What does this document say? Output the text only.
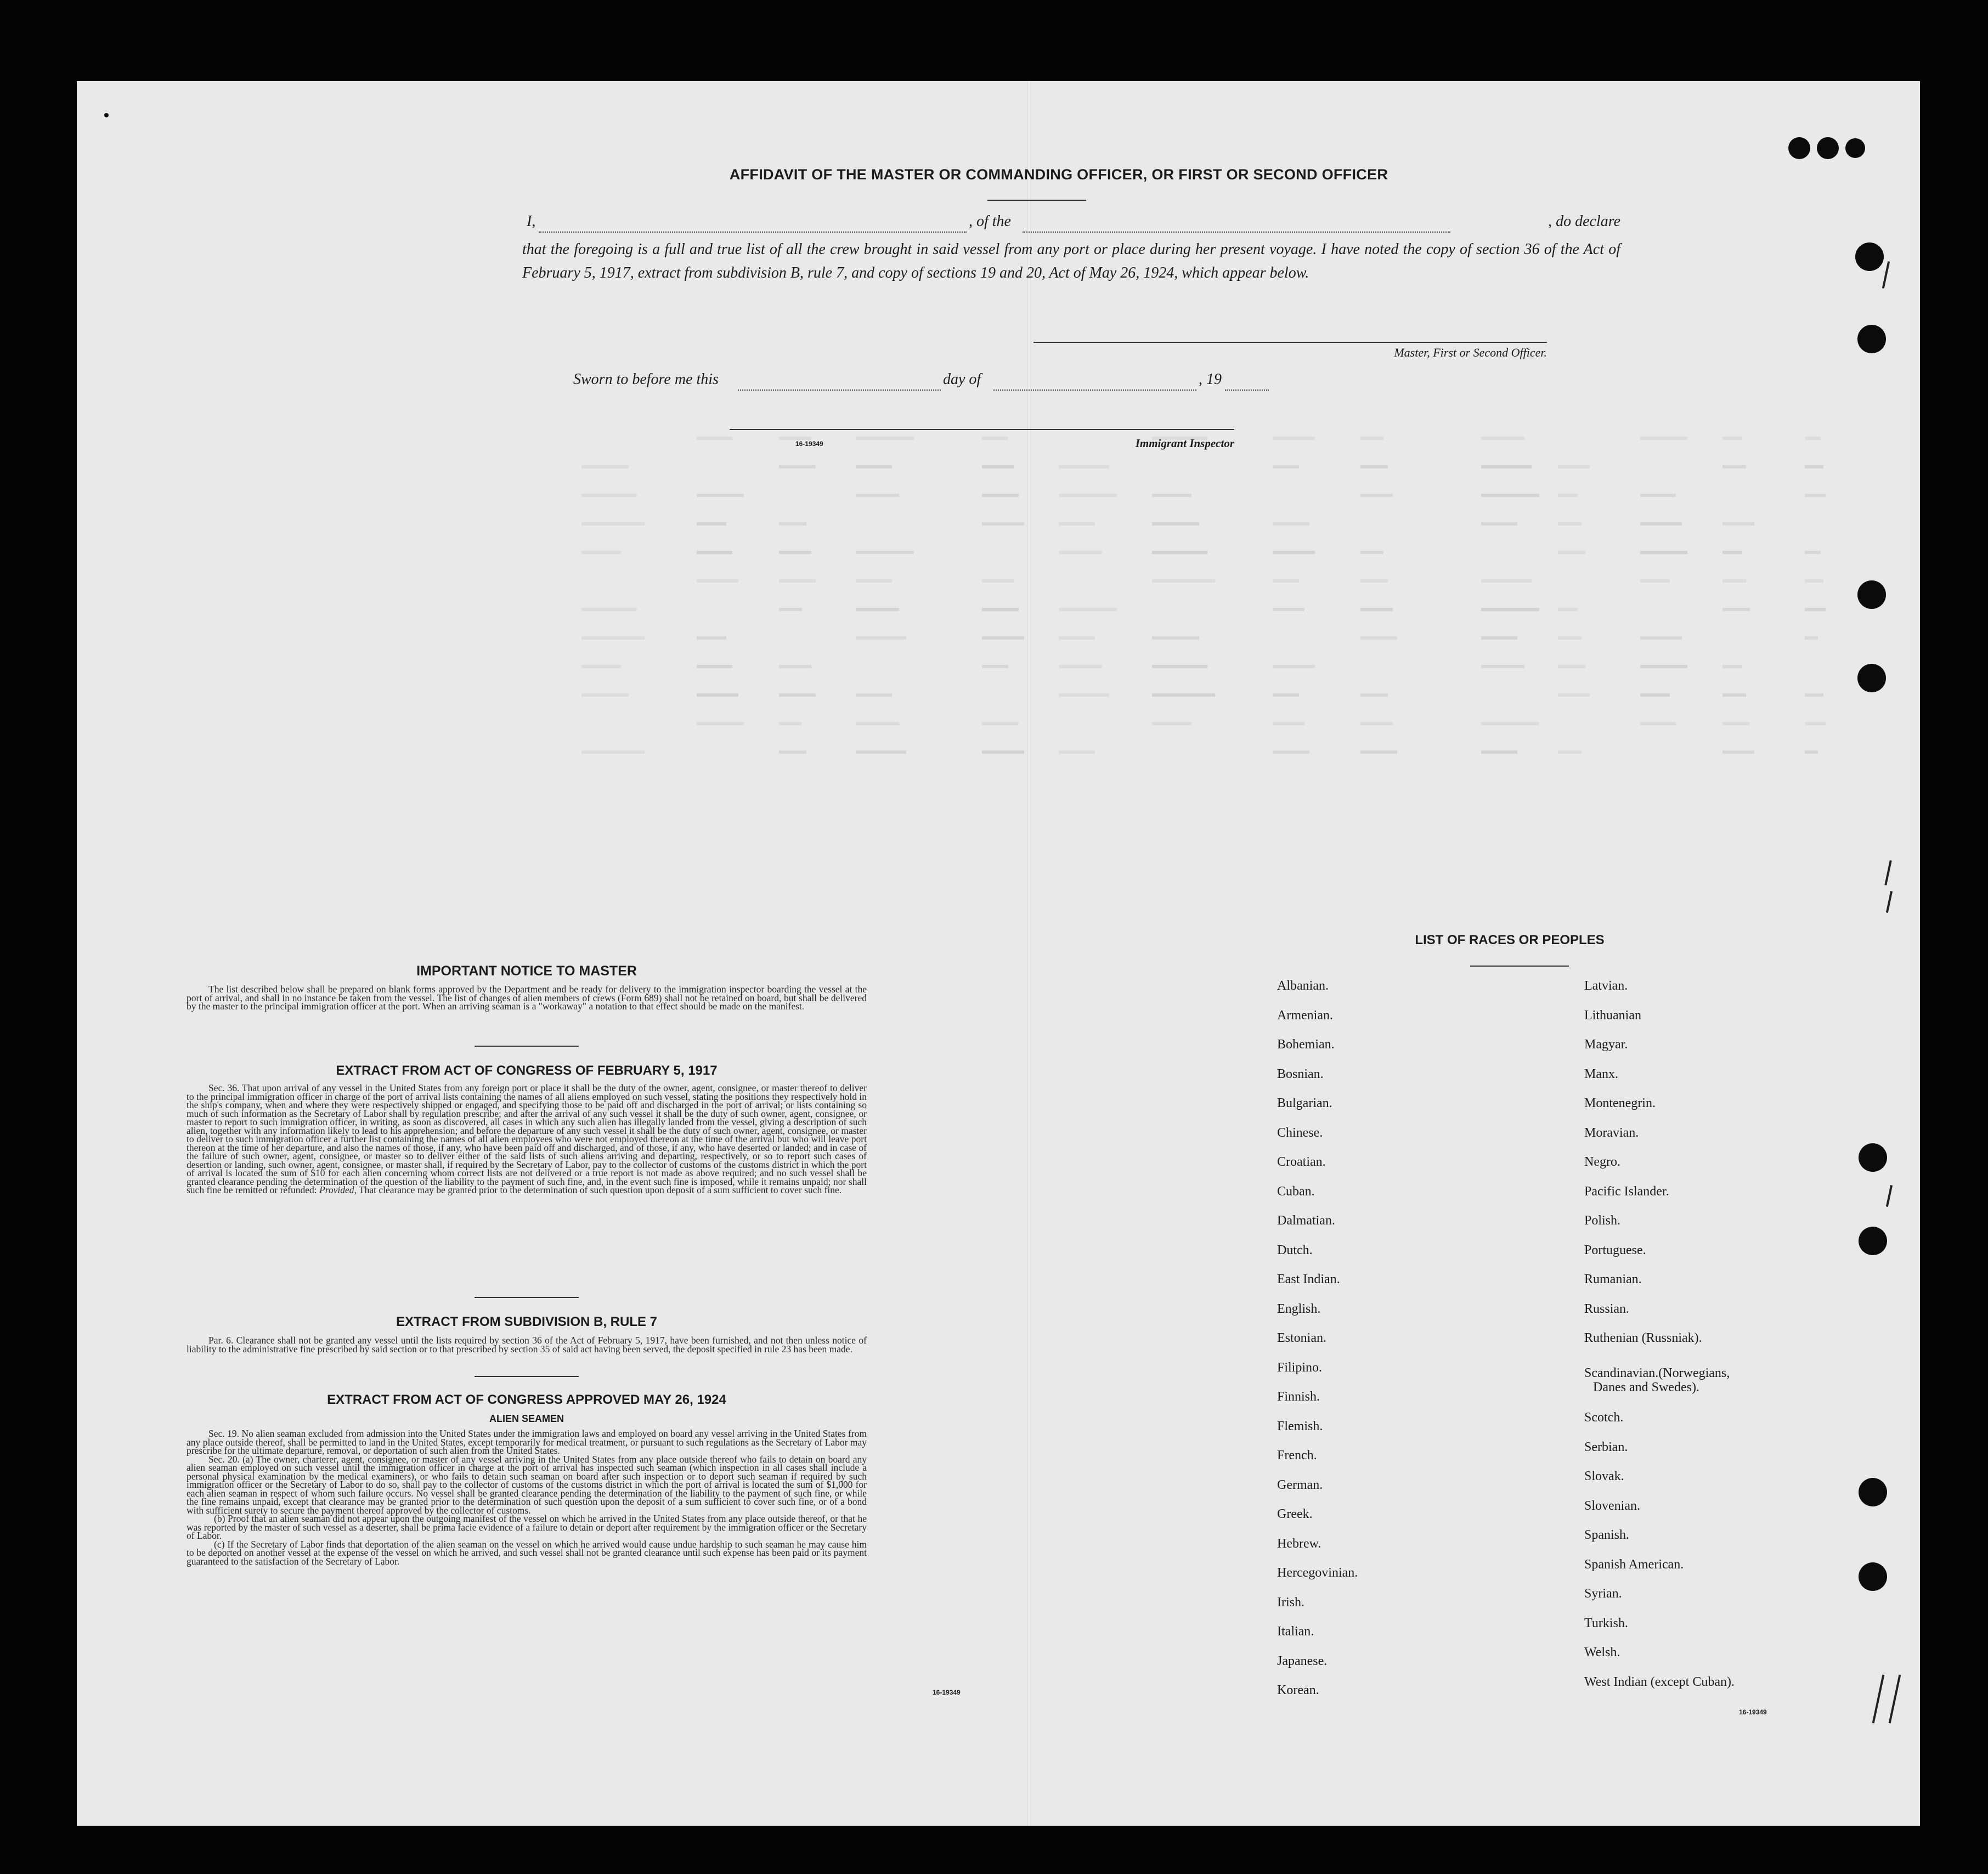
AFFIDAVIT OF THE MASTER OR COMMANDING OFFICER, OR FIRST OR SECOND OFFICER
I,	, of the	, do declare
that the foregoing is a full and true list of all the crew brought in said vessel from any port or place during her present voyage. I have noted the copy of section 36 of the Act of February 5, 1917, extract from subdivision B, rule 7, and copy of sections 19 and 20, Act of May 26, 1924, which appear below.
Master, First or Second Officer.
Sworn to before me this	day of	, 19
16-19349	Immigrant Inspector
IMPORTANT NOTICE TO MASTER

The list described below shall be prepared on blank forms approved by the Department and be ready for delivery to the immigration inspector boarding the vessel at the port of arrival, and shall in no instance be taken from the vessel. The list of changes of alien members of crews (Form 689) shall not be retained on board, but shall be delivered by the master to the principal immigration officer at the port. When an arriving seaman is a "workaway" a notation to that effect should be made on the manifest.

EXTRACT FROM ACT OF CONGRESS OF FEBRUARY 5, 1917

Sec. 36. That upon arrival of any vessel in the United States from any foreign port or place it shall be the duty of the owner, agent, consignee, or master thereof to deliver to the principal immigration officer in charge of the port of arrival lists containing the names of all aliens employed on such vessel, stating the positions they respectively hold in the ship's company, when and where they were respectively shipped or engaged, and specifying those to be paid off and discharged in the port of arrival; or lists containing so much of such information as the Secretary of Labor shall by regulation prescribe; and after the arrival of any such vessel it shall be the duty of such owner, agent, consignee, or master to report to such immigration officer, in writing, as soon as discovered, all cases in which any such alien has illegally landed from the vessel, giving a description of such alien, together with any information likely to lead to his apprehension; and before the departure of any such vessel it shall be the duty of such owner, agent, consignee, or master to deliver to such immigration officer a further list containing the names of all alien employees who were not employed thereon at the time of the arrival but who will leave port thereon at the time of her departure, and also the names of those, if any, who have been paid off and discharged, and of those, if any, who have deserted or landed; and in case of the failure of such owner, agent, consignee, or master so to deliver either of the said lists of such aliens arriving and departing, respectively, or so to report such cases of desertion or landing, such owner, agent, consignee, or master shall, if required by the Secretary of Labor, pay to the collector of customs of the customs district in which the port of arrival is located the sum of $10 for each alien concerning whom correct lists are not delivered or a true report is not made as above required; and no such vessel shall be granted clearance pending the determination of the question of the liability to the payment of such fine, and, in the event such fine is imposed, while it remains unpaid; nor shall such fine be remitted or refunded: Provided, That clearance may be granted prior to the determination of such question upon deposit of a sum sufficient to cover such fine.

EXTRACT FROM SUBDIVISION B, RULE 7

Par. 6. Clearance shall not be granted any vessel until the lists required by section 36 of the Act of February 5, 1917, have been furnished, and not then unless notice of liability to the administrative fine prescribed by said section or to that prescribed by section 35 of said act having been served, the deposit specified in rule 23 has been made.

EXTRACT FROM ACT OF CONGRESS APPROVED MAY 26, 1924
ALIEN SEAMEN

Sec. 19. No alien seaman excluded from admission into the United States under the immigration laws and employed on board any vessel arriving in the United States from any place outside thereof, shall be permitted to land in the United States, except temporarily for medical treatment, or pursuant to such regulations as the Secretary of Labor may prescribe for the ultimate departure, removal, or deportation of such alien from the United States.

Sec. 20. (a) The owner, charterer, agent, consignee, or master of any vessel arriving in the United States from any place outside thereof who fails to detain on board any alien seaman employed on such vessel until the immigration officer in charge at the port of arrival has inspected such seaman (which inspection in all cases shall include a personal physical examination by the medical examiners), or who fails to detain such seaman on board after such inspection or to deport such seaman if required by such immigration officer or the Secretary of Labor to do so, shall pay to the collector of customs of the customs district in which the port of arrival is located the sum of $1,000 for each alien seaman in respect of whom such failure occurs. No vessel shall be granted clearance pending the determination of the liability to the payment of such fine, or while the fine remains unpaid, except that clearance may be granted prior to the determination of such question upon the deposit of a sum sufficient to cover such fine, or of a bond with sufficient surety to secure the payment thereof approved by the collector of customs.

(b) Proof that an alien seaman did not appear upon the outgoing manifest of the vessel on which he arrived in the United States from any place outside thereof, or that he was reported by the master of such vessel as a deserter, shall be prima facie evidence of a failure to detain or deport after requirement by the immigration officer or the Secretary of Labor.

(c) If the Secretary of Labor finds that deportation of the alien seaman on the vessel on which he arrived would cause undue hardship to such seaman he may cause him to be deported on another vessel at the expense of the vessel on which he arrived, and such vessel shall not be granted clearance until such expense has been paid or its payment guaranteed to the satisfaction of the Secretary of Labor.

16-19349
LIST OF RACES OR PEOPLES
Albanian.
Armenian.
Bohemian.
Bosnian.
Bulgarian.
Chinese.
Croatian.
Cuban.
Dalmatian.
Dutch.
East Indian.
English.
Estonian.
Filipino.
Finnish.
Flemish.
French.
German.
Greek.
Hebrew.
Hercegovinian.
Irish.
Italian.
Japanese.
Korean.
Latvian.
Lithuanian
Magyar.
Manx.
Montenegrin.
Moravian.
Negro.
Pacific Islander.
Polish.
Portuguese.
Rumanian.
Russian.
Ruthenian (Russniak).
Scandinavian.(Norwegians,
Danes and Swedes).
Scotch.
Serbian.
Slovak.
Slovenian.
Spanish.
Spanish American.
Syrian.
Turkish.
Welsh.
West Indian (except Cuban).
16-19349
